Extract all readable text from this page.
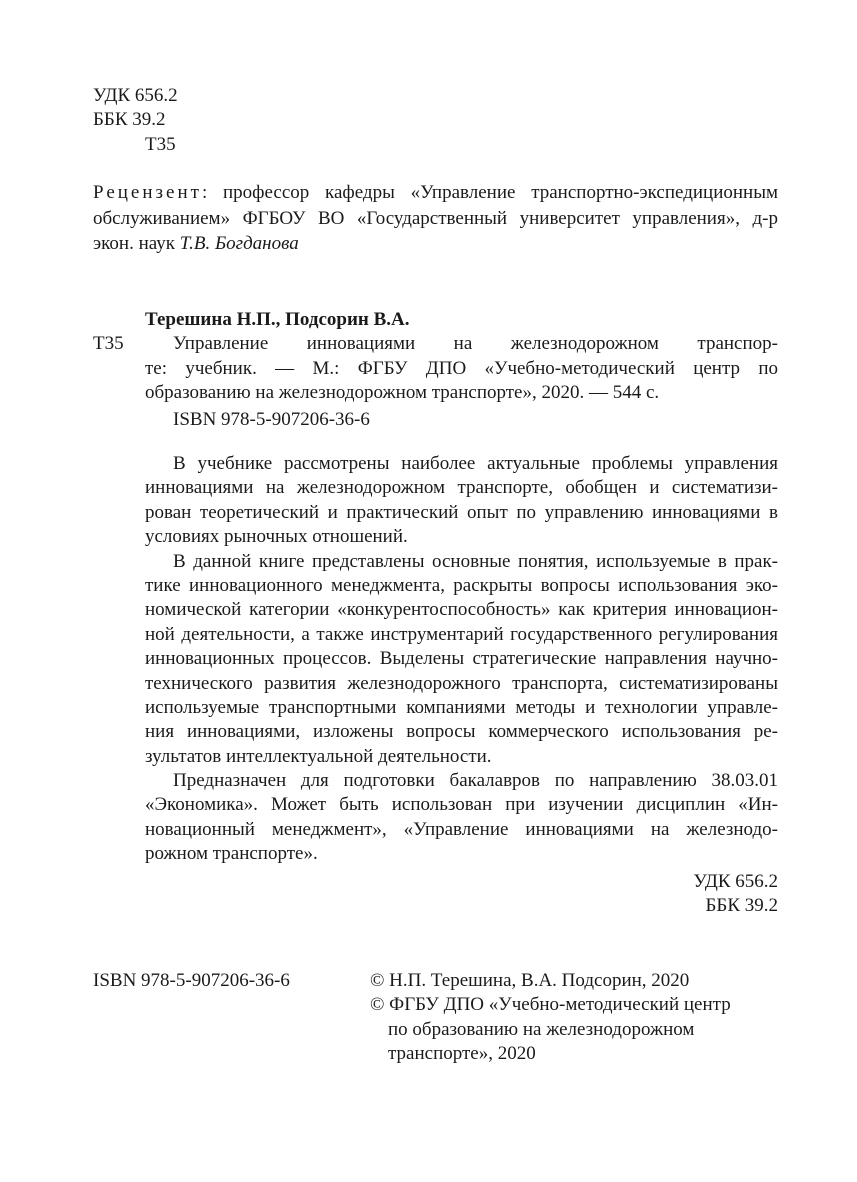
УДК 656.2
ББК 39.2
Т35
Рецензент: профессор кафедры «Управление транспортно-экспедиционным
обслуживанием» ФГБОУ ВО «Государственный университет управления», д-р
экон. наук Т.В. Богданова
Терешина Н.П., Подсорин В.А.
Т35	Управление инновациями на железнодорожном транспор-
те: учебник. — М.: ФГБУ ДПО «Учебно-методический центр по
образованию на железнодорожном транспорте», 2020. — 544 с.
ISBN 978-5-907206-36-6
В учебнике рассмотрены наиболее актуальные проблемы управления
инновациями на железнодорожном транспорте, обобщен и систематизи-
рован теоретический и практический опыт по управлению инновациями в
условиях рыночных отношений.
В данной книге представлены основные понятия, используемые в прак-
тике инновационного менеджмента, раскрыты вопросы использования эко-
номической категории «конкурентоспособность» как критерия инновацион-
ной деятельности, а также инструментарий государственного регулирования
инновационных процессов. Выделены стратегические направления научно-
технического развития железнодорожного транспорта, систематизированы
используемые транспортными компаниями методы и технологии управле-
ния инновациями, изложены вопросы коммерческого использования ре-
зультатов интеллектуальной деятельности.
Предназначен для подготовки бакалавров по направлению 38.03.01
«Экономика». Может быть использован при изучении дисциплин «Ин-
новационный менеджмент», «Управление инновациями на железнодо-
рожном транспорте».
УДК 656.2
ББК 39.2
ISBN 978-5-907206-36-6	© Н.П. Терешина, В.А. Подсорин, 2020
© ФГБУ ДПО «Учебно-методический центр
по образованию на железнодорожном
транспорте», 2020
